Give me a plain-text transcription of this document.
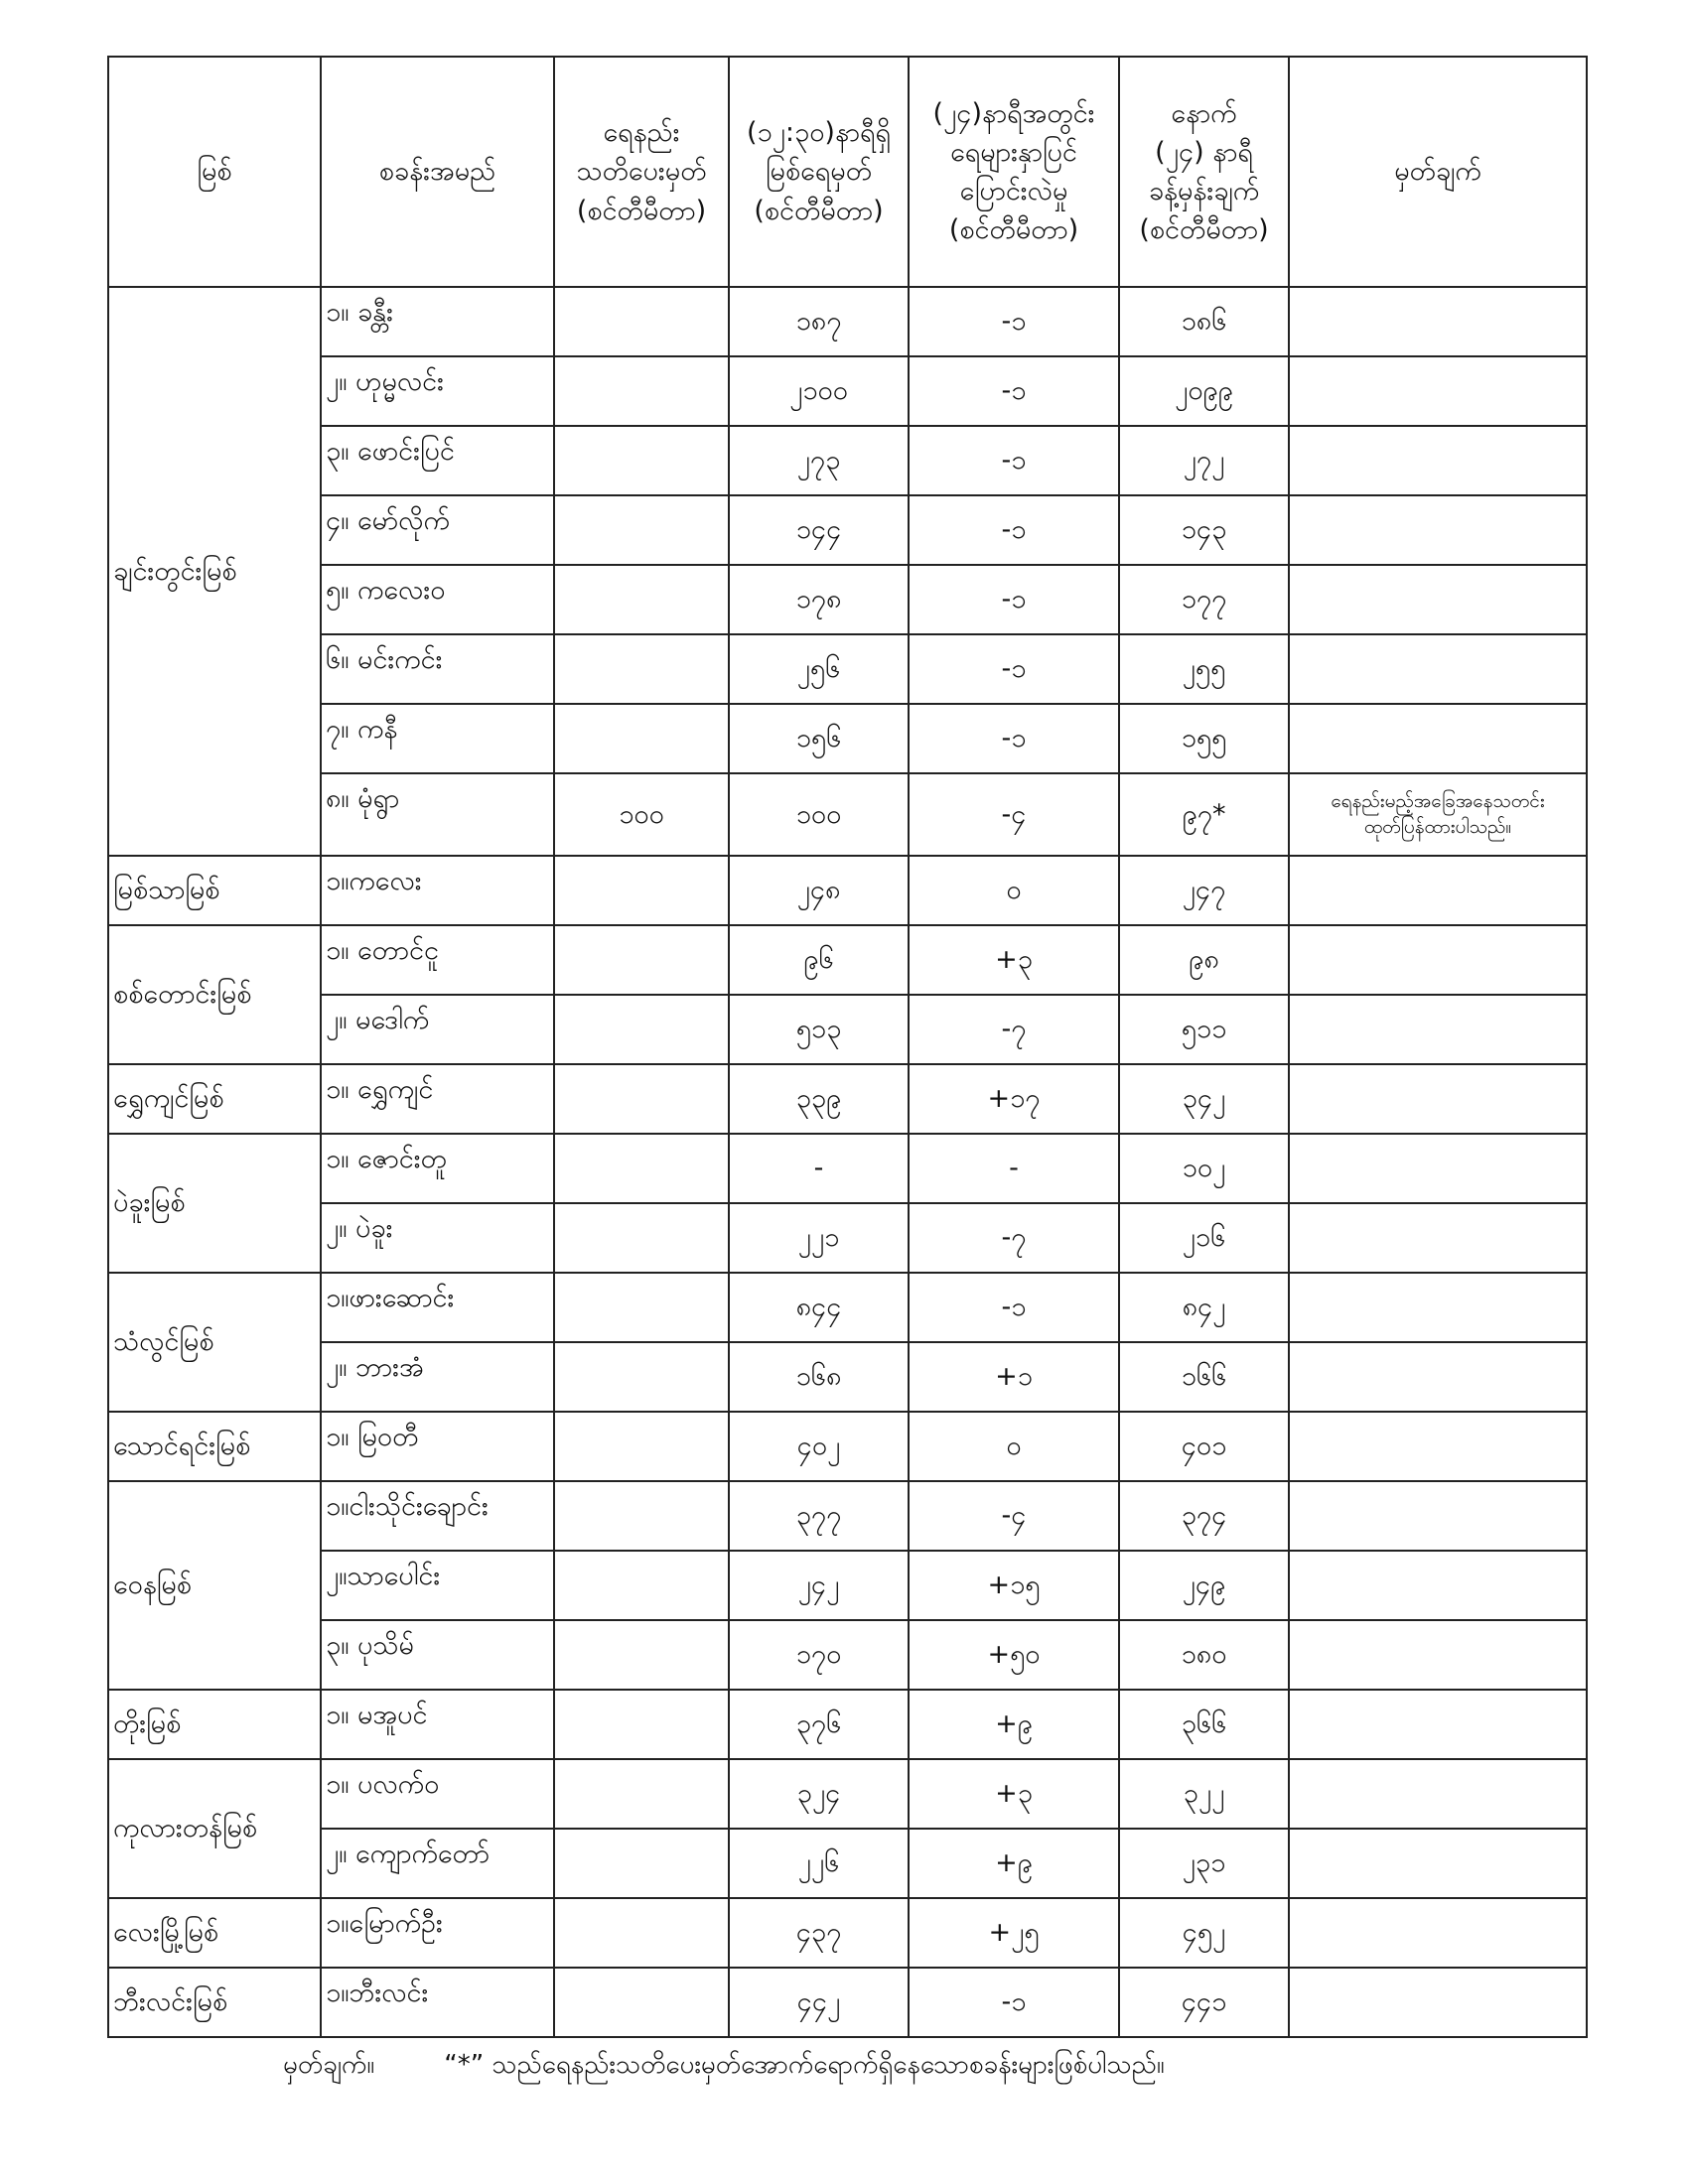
မြစ်	စခန်းအမည်	ရေနည်း
သတိပေးမှတ်
(စင်တီမီတာ)	(၁၂:၃၀)နာရီရှိ
မြစ်ရေမှတ်
(စင်တီမီတာ)	(၂၄)နာရီအတွင်း
ရေများနှာပြင်
ပြောင်းလဲမှု
(စင်တီမီတာ)	နောက်
(၂၄) နာရီ
ခန့်မှန်းချက်
(စင်တီမီတာ)	မှတ်ချက်
ချင်းတွင်းမြစ်	၁။ ခန္တီး		၁၈၇	-၁	၁၈၆	
	၂။ ဟုမ္မလင်း		၂၁၀၀	-၁	၂၀၉၉	
	၃။ ဖောင်းပြင်		၂၇၃	-၁	၂၇၂	
	၄။ မော်လိုက်		၁၄၄	-၁	၁၄၃	
	၅။ ကလေးဝ		၁၇၈	-၁	၁၇၇	
	၆။ မင်းကင်း		၂၅၆	-၁	၂၅၅	
	၇။ ကနီ		၁၅၆	-၁	၁၅၅	
	၈။ မုံရွာ	၁၀၀	၁၀၀	-၄	၉၇*	ရေနည်းမည့်အခြေအနေသတင်း
ထုတ်ပြန်ထားပါသည်။

မြစ်သာမြစ်	၁။ကလေး		၂၄၈	၀	၂၄၇	
စစ်တောင်းမြစ်	၁။ တောင်ငူ		၉၆	+၃	၉၈	
	၂။ မဒေါက်		၅၁၃	-၇	၅၁၁	
ရွှေကျင်မြစ်	၁။ ရွှေကျင်		၃၃၉	+၁၇	၃၄၂	
ပဲခူးမြစ်	၁။ ဇောင်းတူ		-	-	၁၀၂	
	၂။ ပဲခူး		၂၂၁	-၇	၂၁၆	
သံလွင်မြစ်	၁။ဖားဆောင်း		၈၄၄	-၁	၈၄၂	
	၂။ ဘားအံ		၁၆၈	+၁	၁၆၆	
သောင်ရင်းမြစ်	၁။ မြဝတီ		၄၀၂	၀	၄၀၁	
ဝေနမြစ်	၁။ငါးသိုင်းချောင်း		၃၇၇	-၄	၃၇၄	
	၂။သာပေါင်း		၂၄၂	+၁၅	၂၄၉	
	၃။ ပုသိမ်		၁၇၀	+၅၀	၁၈၀	
တိုးမြစ်	၁။ မအူပင်		၃၇၆	+၉	၃၆၆	
ကုလားတန်မြစ်	၁။ ပလက်ဝ		၃၂၄	+၃	၃၂၂	
	၂။ ကျောက်တော်		၂၂၆	+၉	၂၃၁	
လေးမြို့မြစ်	၁။မြောက်ဦး		၄၃၇	+၂၅	၄၅၂	
ဘီးလင်းမြစ်	၁။ဘီးလင်း		၄၄၂	-၁	၄၄၁	
မှတ်ချက်။	“*” သည်ရေနည်းသတိပေးမှတ်အောက်ရောက်ရှိနေသောစခန်းများဖြစ်ပါသည်။
